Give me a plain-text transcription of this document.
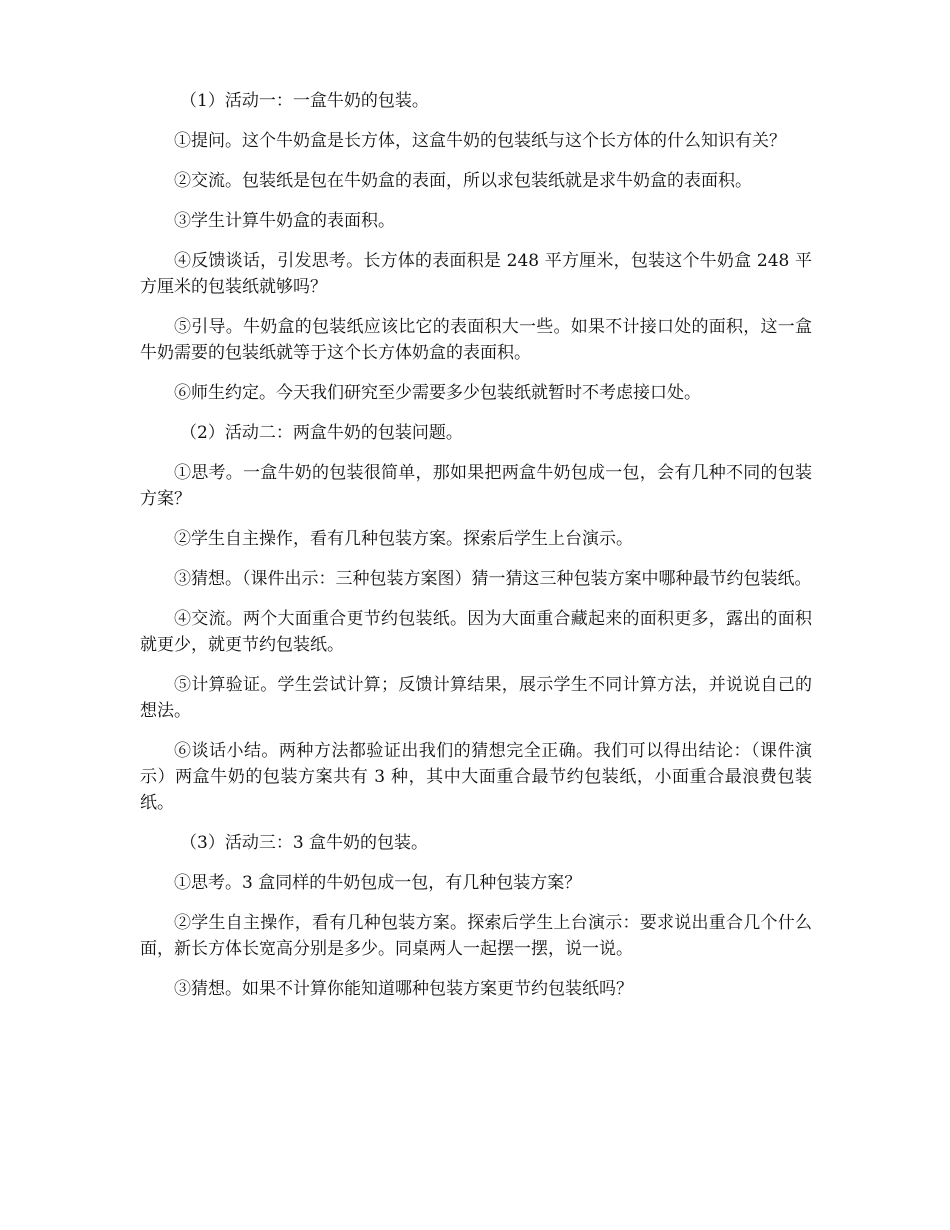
（1）活动一：一盒牛奶的包装。

①提问。这个牛奶盒是长方体，这盒牛奶的包装纸与这个长方体的什么知识有关？

②交流。包装纸是包在牛奶盒的表面，所以求包装纸就是求牛奶盒的表面积。

③学生计算牛奶盒的表面积。

④反馈谈话，引发思考。长方体的表面积是 248 平方厘米，包装这个牛奶盒 248 平方厘米的包装纸就够吗？

⑤引导。牛奶盒的包装纸应该比它的表面积大一些。如果不计接口处的面积，这一盒牛奶需要的包装纸就等于这个长方体奶盒的表面积。

⑥师生约定。今天我们研究至少需要多少包装纸就暂时不考虑接口处。

（2）活动二：两盒牛奶的包装问题。

①思考。一盒牛奶的包装很简单，那如果把两盒牛奶包成一包，会有几种不同的包装方案？

②学生自主操作，看有几种包装方案。探索后学生上台演示。

③猜想。（课件出示：三种包装方案图）猜一猜这三种包装方案中哪种最节约包装纸。

④交流。两个大面重合更节约包装纸。因为大面重合藏起来的面积更多，露出的面积就更少，就更节约包装纸。

⑤计算验证。学生尝试计算；反馈计算结果，展示学生不同计算方法，并说说自己的想法。

⑥谈话小结。两种方法都验证出我们的猜想完全正确。我们可以得出结论：（课件演示）两盒牛奶的包装方案共有 3 种，其中大面重合最节约包装纸，小面重合最浪费包装纸。

（3）活动三：3 盒牛奶的包装。

①思考。3 盒同样的牛奶包成一包，有几种包装方案？

②学生自主操作，看有几种包装方案。探索后学生上台演示：要求说出重合几个什么面，新长方体长宽高分别是多少。同桌两人一起摆一摆，说一说。

③猜想。如果不计算你能知道哪种包装方案更节约包装纸吗？
